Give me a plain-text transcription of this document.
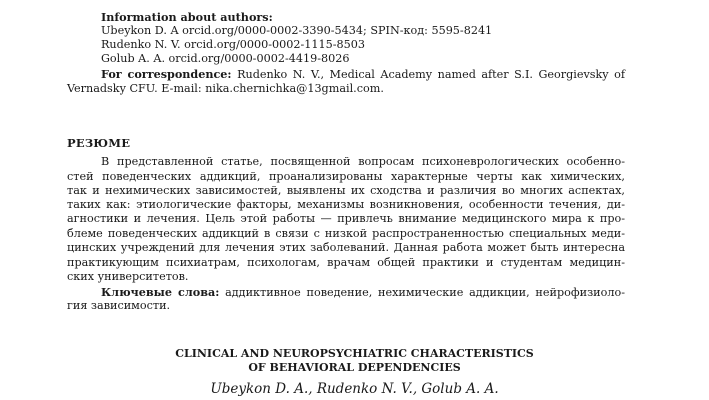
Information about authors:
Ubeykon D. A orcid.org/0000-0002-3390-5434; SPIN-код: 5595-8241
Rudenko N. V. orcid.org/0000-0002-1115-8503
Golub A. A. orcid.org/0000-0002-4419-8026
For correspondence: Rudenko N. V., Medical Academy named after S.I. Georgievsky of
Vernadsky CFU. E-mail: nika.chernichka@13gmail.com.
РЕЗЮМЕ
В представленной статье, посвященной вопросам психоневрологических особенно-
стей поведенческих аддикций, проанализированы характерные черты как химических,
так и нехимических зависимостей, выявлены их сходства и различия во многих аспектах,
таких как: этиологические факторы, механизмы возникновения, особенности течения, ди-
агностики и лечения. Цель этой работы — привлечь внимание медицинского мира к про-
блеме поведенческих аддикций в связи с низкой распространенностью специальных меди-
цинских учреждений для лечения этих заболеваний. Данная работа может быть интересна
практикующим психиатрам, психологам, врачам общей практики и студентам медицин-
ских университетов.
Ключевые слова: аддиктивное поведение, нехимические аддикции, нейрофизиоло-
гия зависимости.
CLINICAL AND NEUROPSYCHIATRIC CHARACTERISTICS
OF BEHAVIORAL DEPENDENCIES
Ubeykon D. A., Rudenko N. V., Golub A. A.
